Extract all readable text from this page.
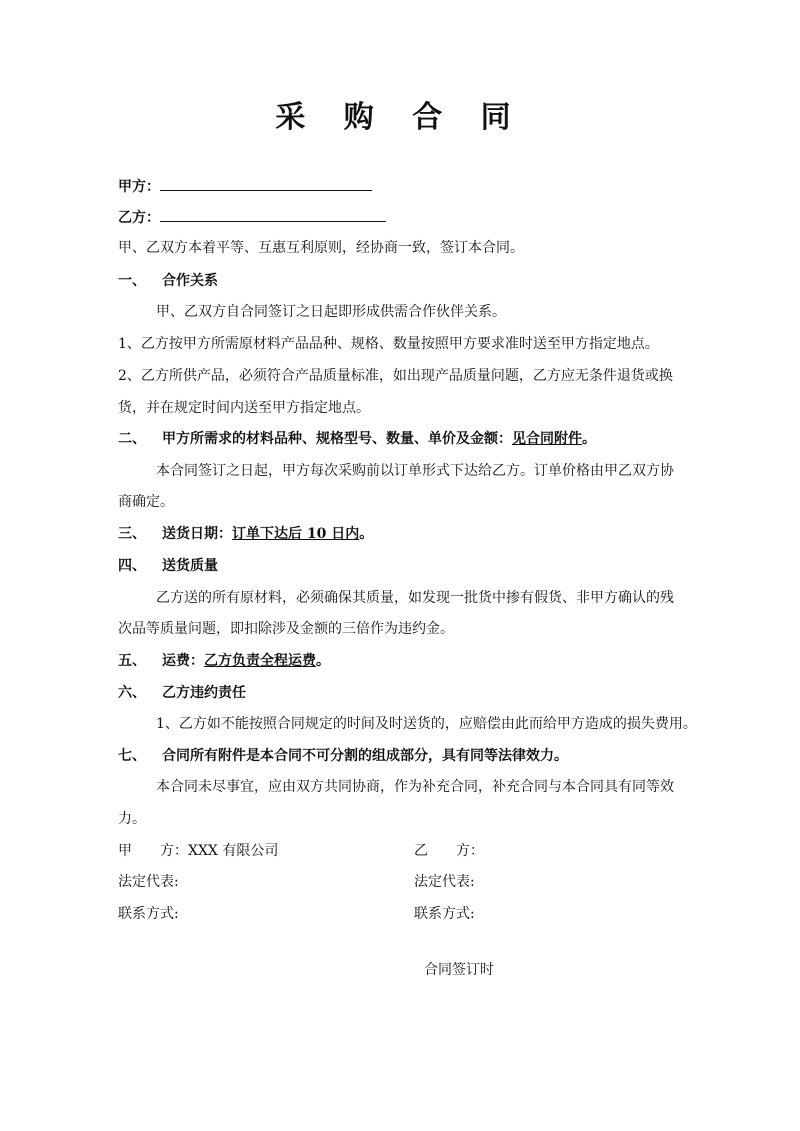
采 购 合 同
甲方：
乙方：
甲、乙双方本着平等、互惠互利原则，经协商一致，签订本合同。
一、 合作关系
甲、乙双方自合同签订之日起即形成供需合作伙伴关系。
1、乙方按甲方所需原材料产品品种、规格、数量按照甲方要求准时送至甲方指定地点。
2、乙方所供产品，必须符合产品质量标准，如出现产品质量问题，乙方应无条件退货或换
货，并在规定时间内送至甲方指定地点。
二、 甲方所需求的材料品种、规格型号、数量、单价及金额：见合同附件。
本合同签订之日起，甲方每次采购前以订单形式下达给乙方。订单价格由甲乙双方协
商确定。
三、 送货日期：订单下达后 10 日内。
四、 送货质量
乙方送的所有原材料，必须确保其质量，如发现一批货中掺有假货、非甲方确认的残
次品等质量问题，即扣除涉及金额的三倍作为违约金。
五、 运费：乙方负责全程运费。
六、 乙方违约责任
1、乙方如不能按照合同规定的时间及时送货的，应赔偿由此而给甲方造成的损失费用。
七、 合同所有附件是本合同不可分割的组成部分，具有同等法律效力。
本合同未尽事宜，应由双方共同协商，作为补充合同，补充合同与本合同具有同等效
力。
甲　　方：XXX 有限公司	乙　　方：
法定代表:	法定代表:
联系方式:	联系方式:
合同签订时
